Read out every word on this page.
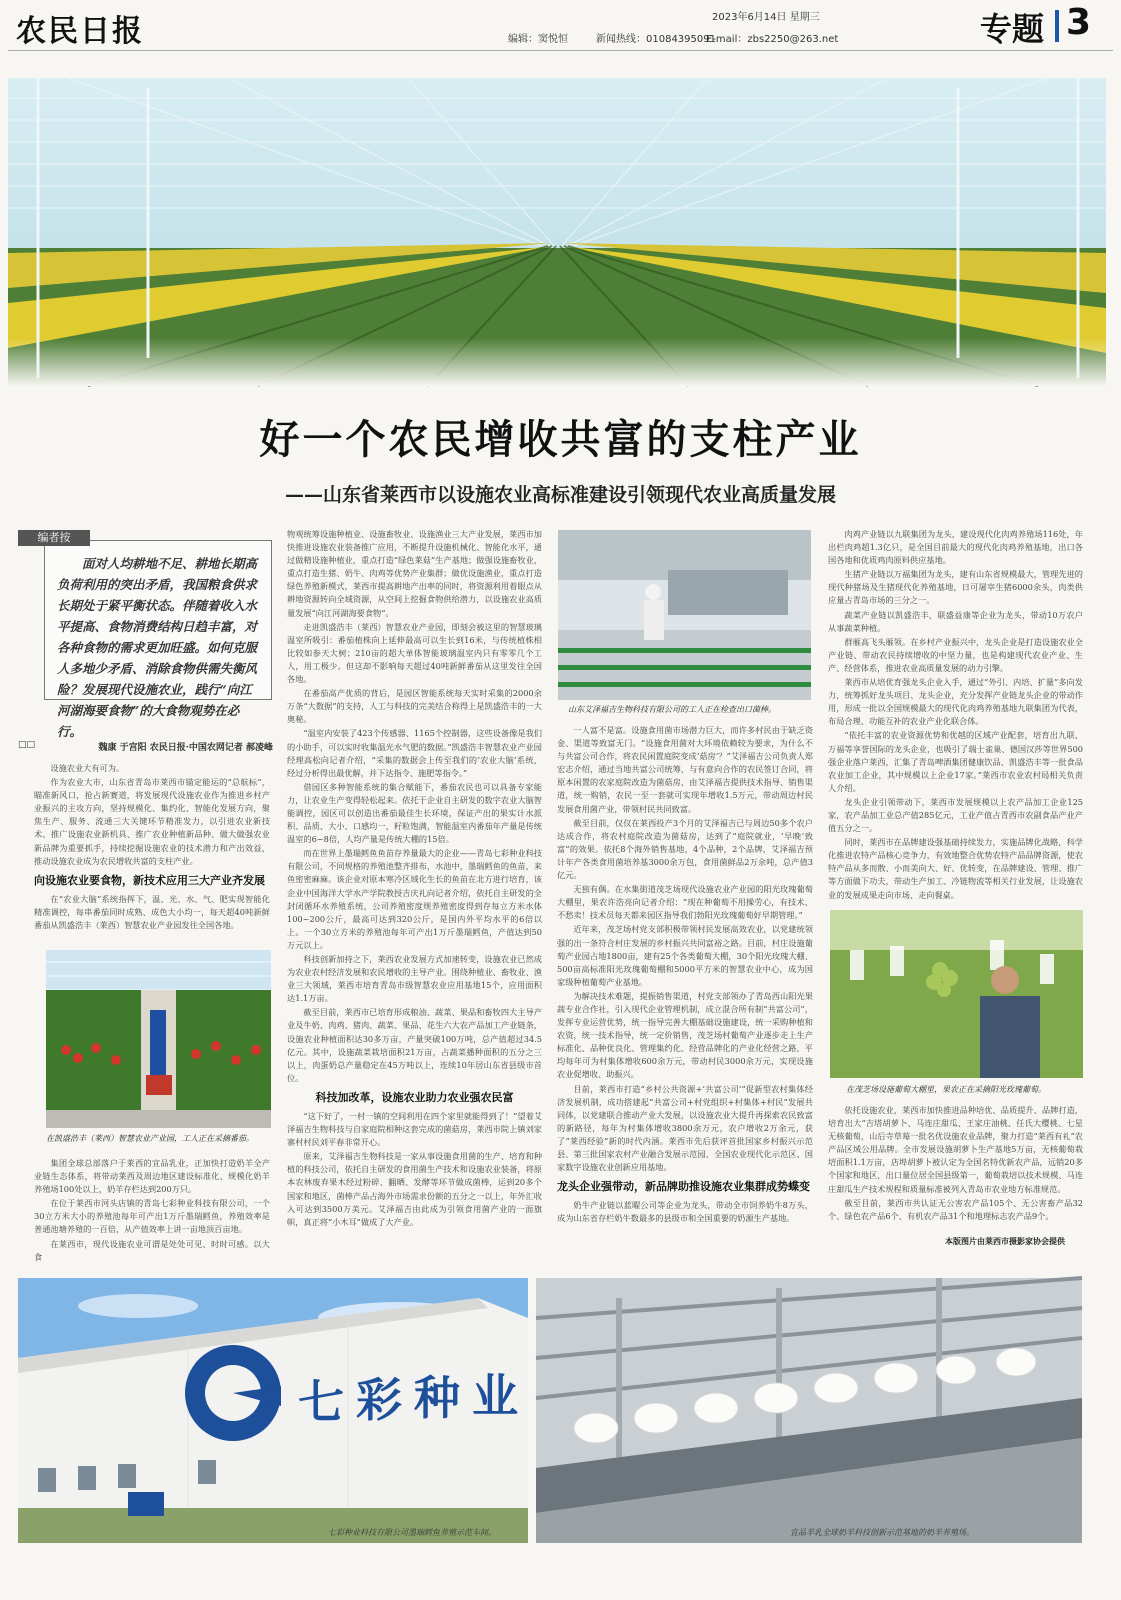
农民日报	编辑：窦悦恒	新闻热线：01084395091
E-mail：zbs2250@263.net
2023年6月14日 星期三	专题 3
好一个农民增收共富的支柱产业
——山东省莱西市以设施农业高标准建设引领现代农业高质量发展
面对人均耕地不足、耕地长期高负荷利用的突出矛盾，我国粮食供求长期处于紧平衡状态。伴随着收入水平提高、食物消费结构日趋丰富，对各种食物的需求更加旺盛。如何克服人多地少矛盾、消除食物供需失衡风险？发展现代设施农业，践行“向江河湖海要食物”的大食物观势在必行。
编者按
□□	魏康 于宫阳 农民日报·中国农网记者 郝凌峰

设施农业大有可为。

作为农业大市，山东省青岛市莱西市锚定能运的“总航标”，瞄准新风口，抢占新赛道，将发展现代设施农业作为推进乡村产业振兴的主攻方向，坚持规模化、集约化、智能化发展方向，聚焦生产、服务、流通三大关键环节精准发力，以引进农业新技术、推广设施农业新机具、推广农业种植新品种、做大做强农业新品牌为重要抓手，持续挖掘设施农业的技术潜力和产出效益，推动设施农业成为农民增收共富的支柱产业。

向设施农业要食物，新技术应用三大产业齐发展

在“农业大脑”系统指挥下，温、光、水、气、肥实现智能化精准调控，每串番茄同时成熟、成色大小均一，每天超40吨新鲜番茄从凯盛浩丰（莱西）智慧农业产业园发往全国各地。

在凯盛浩丰（莱西）智慧农业产业园，工人正在采摘番茄。

集团全球总部落户于莱西的宜品乳业，正加快打造奶羊全产业链生态体系，将带动莱西及周边地区建设标准化、规模化奶羊养殖场100处以上，奶羊存栏达到200万只。

在位于莱西市河头店镇的青岛七彩种业科技有限公司，一个30立方米大小的养殖池每年可产出1万斤墨瑞鳕鱼，养殖效率是普通池塘养殖的一百倍，从产值效率上讲一亩地顶百亩地。

在莱西市，现代设施农业可谓是处处可见、时时可感。以大食

物观统筹设施种植业、设施畜牧业、设施渔业三大产业发展，莱西市加快推进设施农业装备推广应用，不断提升设施机械化、智能化水平，通过做精设施种植业，重点打造“绿色莱菇”生产基地；做强设施畜牧业，重点打造生猪、奶牛、肉鸡等优势产业集群；做优设施渔业，重点打造绿色养殖新模式，莱西市提高耕地产出率的同时，将资源利用着眼点从耕地资源转向全域资源，从空间上挖掘食物供给潜力，以设施农业高质量发展“向江河湖海要食物”。

走进凯盛浩丰（莱西）智慧农业产业园，即刻会被这里的智慧玻璃温室所吸引：番茄植株向上延伸最高可以生长到16米，与传统植株相比较如参天大树；210亩的超大单体智能玻璃温室内只有零零几个工人，用工极少。但这却不影响每天超过40吨新鲜番茄从这里发往全国各地。

在番茄高产优质的背后，是园区智能系统每天实时采集的2000余万条“大数据”的支持，人工与科技的完美结合称得上是凯盛浩丰的一大奥秘。

“温室内安装了423个传感器、1165个控制器，这些设备像是我们的小助手，可以实时收集温光水气肥的数据。”凯盛浩丰智慧农业产业园经理高松向记者介绍，“采集的数据会上传至我们的‘农业大脑’系统，经过分析得出最优解，并下达指令、施肥等指令。”

借园区多种智能系统的集合赋能下，番茄农民也可以具备专家能力，让农业生产变得轻松起来。依托于企业自主研发的数字农业大脑智能调控，园区可以创造出番茄最佳生长环境，保证产出的果实计水派积、品质、大小、口感均一，籽粒饱满，智能温室内番茄年产量是传统温室的6~8倍，人均产量是传统大棚的15倍。

而在世界上墨瑞鳕鱼鱼苗存养量最大的企业——青岛七彩种业科技有限公司，不同规格的养殖池整齐排布，水池中，墨瑞鳕鱼的鱼苗，来鱼密密麻麻。该企业对原本寒冷区域化生长的鱼苗在北方进行培育，该企业中国海洋大学水产学院教授吉庆礼向记者介绍，依托自主研发的全封闭循环水养殖系统，公司养殖密度规养殖密度得到存每立方米水体100~200公斤，最高可达到320公斤，是国内外平均水平的6倍以上。一个30立方米的养殖池每年可产出1万斤墨瑞鳕鱼，产值达到50万元以上。

科技创新加持之下，莱西农业发展方式加速转变，设施农业已然成为农业农村经济发展和农民增收的主导产业。围绕种植业、畜牧业、渔业三大领域，莱西市培育青岛市级智慧农业应用基地15个，应用面积达1.1万亩。

截至目前，莱西市已培育形成粮油、蔬菜、果品和畜牧四大主导产业及牛奶、肉鸡、猪肉、蔬菜、果品、花生六大农产品加工产业链条，设施农业种植面积达30多万亩，产量突破100万吨，总产值超过34.5亿元。其中，设施蔬菜栽培面积21万亩，占蔬菜播种面积的五分之三以上，肉蛋奶总产量稳定在45万吨以上，连续10年居山东省县级市首位。

科技加改革，设施农业助力农业强农民富

“这下好了，一村一镇的空间利用在四个家里就能得到了！”望着艾泽福吉生物科技与自家庭院相种这套完成的菌菇房，莱西市院上镇刘家寨村村民刘平春非常开心。

原来，艾泽福吉生物科技是一家从事设施食用菌的生产、培育和种植的科技公司，依托自主研发的食用菌生产技术和设施农业装备，将原本农林废弃果木经过粉碎、翻晒、发酵等环节做成菌棒，运到20多个国家和地区，菌棒产品占海外市场需求份额的五分之一以上，年外汇收入可达到3500万美元。艾泽福吉由此成为引领食用菌产业的一面旗帜，真正将“小木耳”做成了大产业。

山东艾泽福吉生物科技有限公司的工人正在检查出口菌棒。

一人富不是富。设施食用菌市场潜力巨大，而许多村民由于缺乏资金、渠道等致富无门。“设施食用菌对大环境依赖较为要求，为什么不与共富公司合作，将农民闲置庭院变成‘菇房’？”艾泽福吉公司负责人郑宏志介绍，通过当地共富公司统筹，与有意向合作的农民签订合同，将原本闲置的农家庭院改造为菌菇房，由艾泽福吉提供技术指导、销售渠道，统一购销，农民一至一套就可实现年增收1.5万元，带动周边村民发展食用菌产业，带领村民共同致富。

截至目前，仅仅在莱西投产3个月的艾泽福吉已与周边50多个农户达成合作，将农村庭院改造为菌菇房，达到了“庭院就业，‘早晚’致富”的效果。依托8个海外销售基地，4个品种，2个品牌，艾泽福吉预计年产各类食用菌培养基3000余万包，食用菌鲜品2万余吨，总产值3亿元。

无独有偶。在水集街道茂芝场现代设施农业产业园的阳光玫瑰葡萄大棚里，果农许浩亮向记者介绍：“现在种葡萄不用操劳心，有技术、不愁卖！技术员每天都来园区指导我们勃阳光玫瑰葡萄好早期管理。”

近年来，茂芝场村党支部积极带领村民发展高效农业，以党建统领强的出一条符合村庄发展的乡村振兴共同富裕之路。目前，村庄设施葡萄产业园占地1800亩，建有25个各类葡萄大棚，30个阳光玫瑰大棚、500亩高标准阳光玫瑰葡萄棚和5000平方米的智慧农业中心，成为国家级种植葡萄产业基地。

为解决技术难题，提振销售渠道，村党支部领办了青岛西山阳光果蔬专业合作社，引入现代企业管理机制，成立混合所有制“共富公司”，发挥专业运营优势，统一指导完善大棚基础设施建设，统一采购种植和农资，统一技术指导，统一定价销售，茂芝场村葡萄产业逐步走上生产标准化、品种优良化、管理集约化、经营品牌化的产业化经营之路，平均每年可为村集体增收600余万元，带动村民3000余万元，实现设施农业促增收、助振兴。

目前，莱西市打造“乡村公共资源+‘共富公司’”促新型农村集体经济发展机制，成功搭建起“共富公司+村党组织+村集体+村民”发展共同体，以党建联合推动产业大发展，以设施农业大提升再探索农民致富的新路径，每年为村集体增收3800余万元，农户增收2万余元，获了“莱西经验”新的时代内涵。莱西市先后获评首批国家乡村振兴示范县、第三批国家农村产业融合发展示范园、全国农业现代化示范区、国家数字设施农业创新应用基地。

龙头企业强带动，新品牌助推设施农业集群成势蝶变

奶牛产业链以蓝曜公司等企业为龙头，带动全市饲养奶牛8万头，成为山东省存栏奶牛数最多的县级市和全国重要的奶源生产基地。

肉鸡产业链以九联集团为龙头，建设现代化肉鸡养殖场116处，年出栏肉鸡超1.3亿只，是全国目前最大的现代化肉鸡养殖基地，出口各国各地和优质鸡肉原料供应基地。

生猪产业链以万福集团为龙头，建有山东省规模最大，管理先进的现代种猪场及生猪现代化养殖基地，日可屠宰生猪6000余头，肉类供应量占青岛市场的三分之一。

蔬菜产业链以凯盛浩丰，联盛益康等企业为龙头，带动10万农户从事蔬菜种植。

群雁高飞头雁领。在乡村产业振兴中，龙头企业是打造设施农业全产业链、带动农民持续增收的中坚力量，也是构建现代农业产业、生产、经营体系，推进农业高质量发展的动力引擎。

莱西市从培优育强龙头企业入手，通过“外引、内培、扩量”多向发力，统筹抓好龙头项目、龙头企业，充分发挥产业链龙头企业的带动作用，形成一批以全国规模最大的现代化肉鸡养殖基地九联集团为代表，布局合理、功能互补的农业产业化联合体。

“依托丰富的农业资源优势和优越的区域产业配套，培育出九联、万福等享誉国际的龙头企业，也吸引了瑞士雀巢、德国汉莎等世界500强企业落户莱西，汇集了青岛啤酒集团健康饮品、凯盛浩丰等一批食品农业加工企业，其中规模以上企业17家。”莱西市农业农村局相关负责人介绍。

龙头企业引领带动下，莱西市发展规模以上农产品加工企业125家，农产品加工业总产值285亿元，工业产值占青西市农副食品产业产值五分之一。

同时，莱西市在品牌建设强基础持续发力，实施品牌化战略，科学化推进农特产品核心竞争力，有效地整合优势农特产品品牌资源，使农特产品从多而散、小而美向大、好、优转变，在品牌建设、管理、推广等方面做下功夫，带动生产加工、冷链物流等相关行业发展，让设施农业的发展成果走向市场、走向餐桌。

在茂芝场设施葡萄大棚里，果农正在采摘阳光玫瑰葡萄。

依托设施农业，莱西市加快推进品种培优、品质提升、品牌打造，培育出大“吉塔胡萝卜、马连庄甜瓜、王家庄油桃、任氏大樱桃、七星无核葡萄，山后寺草莓一批名优设施农业品牌，聚力打造“莱西有礼”农产品区域公用品牌。全市发展设施胡萝卜生产基地5万亩，无核葡萄栽培面积1.1万亩，店埠胡萝卜被认定为全国名特优新农产品，远销20多个国家和地区，出口量位居全国县级第一，葡萄栽培以技术规模、马连庄甜瓜生产技术规程和质量标准被列入青岛市农业地方标准规范。

截至目前，莱西市共认证无公害农产品105个、无公害畜产品32个、绿色农产品6个、有机农产品31个和地理标志农产品9个。

本版图片由莱西市摄影家协会提供
七 彩 种 业
七彩种业科技有限公司墨瑞鳕鱼养殖示范车间。	宜品羊乳全球奶羊科技创新示范基地的奶羊养殖场。
